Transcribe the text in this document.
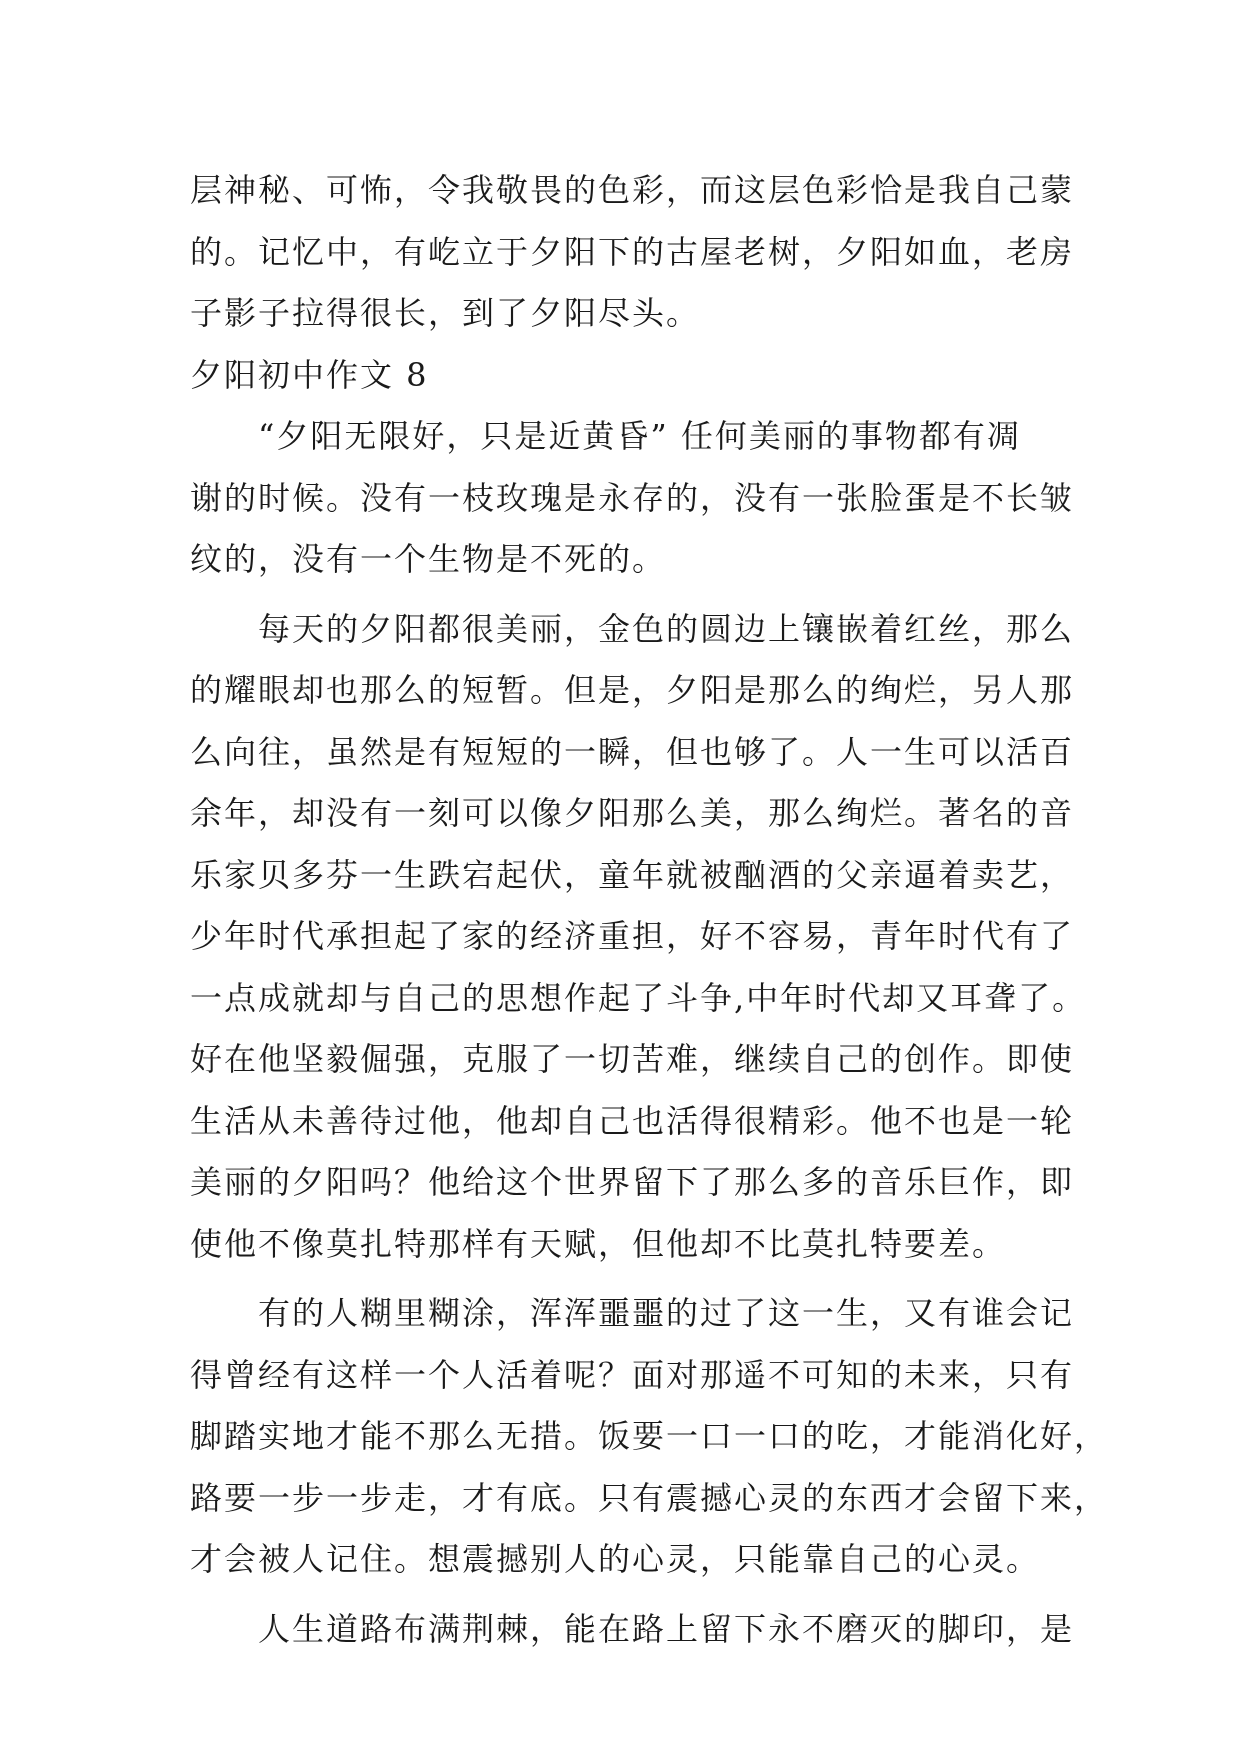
层神秘、可怖，令我敬畏的色彩，而这层色彩恰是我自己蒙
的。记忆中，有屹立于夕阳下的古屋老树，夕阳如血，老房
子影子拉得很长，到了夕阳尽头。
夕阳初中作文 8
　　“夕阳无限好，只是近黄昏” 任何美丽的事物都有凋
谢的时候。没有一枝玫瑰是永存的，没有一张脸蛋是不长皱
纹的，没有一个生物是不死的。
　　每天的夕阳都很美丽，金色的圆边上镶嵌着红丝，那么
的耀眼却也那么的短暂。但是，夕阳是那么的绚烂，另人那
么向往，虽然是有短短的一瞬，但也够了。人一生可以活百
余年，却没有一刻可以像夕阳那么美，那么绚烂。著名的音
乐家贝多芬一生跌宕起伏，童年就被酗酒的父亲逼着卖艺，
少年时代承担起了家的经济重担，好不容易，青年时代有了
一点成就却与自己的思想作起了斗争,中年时代却又耳聋了。
好在他坚毅倔强，克服了一切苦难，继续自己的创作。即使
生活从未善待过他，他却自己也活得很精彩。他不也是一轮
美丽的夕阳吗？他给这个世界留下了那么多的音乐巨作，即
使他不像莫扎特那样有天赋，但他却不比莫扎特要差。
　　有的人糊里糊涂，浑浑噩噩的过了这一生，又有谁会记
得曾经有这样一个人活着呢？面对那遥不可知的未来，只有
脚踏实地才能不那么无措。饭要一口一口的吃，才能消化好，
路要一步一步走，才有底。只有震撼心灵的东西才会留下来，
才会被人记住。想震撼别人的心灵，只能靠自己的心灵。
　　人生道路布满荆棘，能在路上留下永不磨灭的脚印，是
